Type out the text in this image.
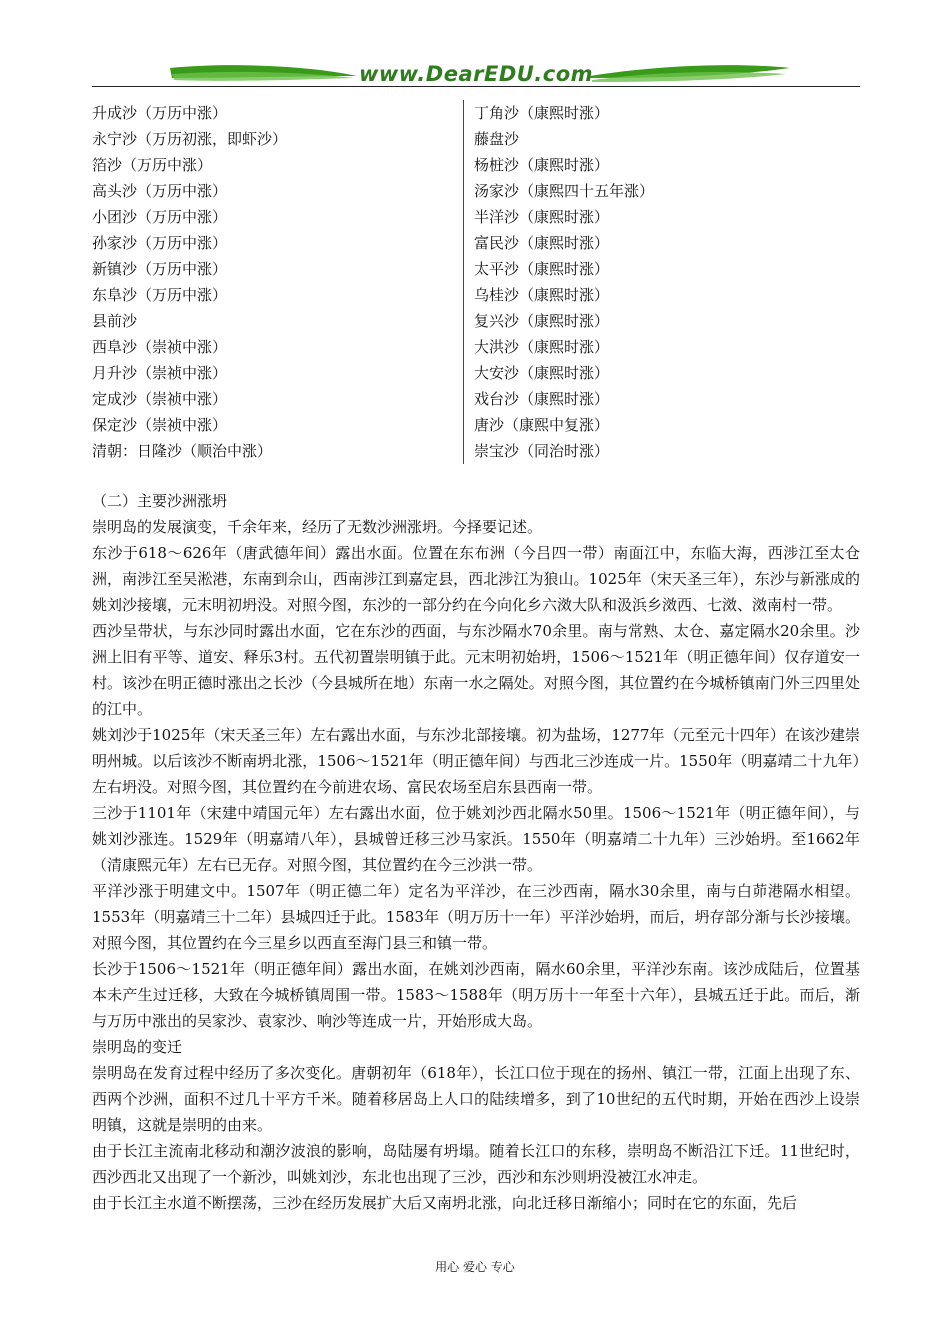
www.DearEDU.com
升成沙（万历中涨）
永宁沙（万历初涨，即虾沙）
箔沙（万历中涨）
高头沙（万历中涨）
小团沙（万历中涨）
孙家沙（万历中涨）
新镇沙（万历中涨）
东阜沙（万历中涨）
县前沙
西阜沙（崇祯中涨）
月升沙（崇祯中涨）
定成沙（崇祯中涨）
保定沙（崇祯中涨）
清朝：日隆沙（顺治中涨）
丁角沙（康熙时涨）
藤盘沙
杨桩沙（康熙时涨）
汤家沙（康熙四十五年涨）
半洋沙（康熙时涨）
富民沙（康熙时涨）
太平沙（康熙时涨）
乌桂沙（康熙时涨）
复兴沙（康熙时涨）
大洪沙（康熙时涨）
大安沙（康熙时涨）
戏台沙（康熙时涨）
唐沙（康熙中复涨）
崇宝沙（同治时涨）

（二）主要沙洲涨坍

崇明岛的发展演变，千余年来，经历了无数沙洲涨坍。今择要记述。

东沙于618～626年（唐武德年间）露出水面。位置在东布洲（今吕四一带）南面江中，东临大海，西涉江至太仓洲，南涉江至吴淞港，东南到佘山，西南涉江到嘉定县，西北涉江为狼山。1025年（宋天圣三年），东沙与新涨成的姚刘沙接壤，元末明初坍没。对照今图，东沙的一部分约在今向化乡六滧大队和汲浜乡滧西、七滧、滧南村一带。

西沙呈带状，与东沙同时露出水面，它在东沙的西面，与东沙隔水70余里。南与常熟、太仓、嘉定隔水20余里。沙洲上旧有平等、道安、释乐3村。五代初置崇明镇于此。元末明初始坍，1506～1521年（明正德年间）仅存道安一村。该沙在明正德时涨出之长沙（今县城所在地）东南一水之隔处。对照今图，其位置约在今城桥镇南门外三四里处的江中。

姚刘沙于1025年（宋天圣三年）左右露出水面，与东沙北部接壤。初为盐场，1277年（元至元十四年）在该沙建崇明州城。以后该沙不断南坍北涨，1506～1521年（明正德年间）与西北三沙连成一片。1550年（明嘉靖二十九年）左右坍没。对照今图，其位置约在今前进农场、富民农场至启东县西南一带。

三沙于1101年（宋建中靖国元年）左右露出水面，位于姚刘沙西北隔水50里。1506～1521年（明正德年间），与姚刘沙涨连。1529年（明嘉靖八年），县城曾迁移三沙马家浜。1550年（明嘉靖二十九年）三沙始坍。至1662年（清康熙元年）左右已无存。对照今图，其位置约在今三沙洪一带。

平洋沙涨于明建文中。1507年（明正德二年）定名为平洋沙，在三沙西南，隔水30余里，南与白茆港隔水相望。1553年（明嘉靖三十二年）县城四迁于此。1583年（明万历十一年）平洋沙始坍，而后，坍存部分渐与长沙接壤。对照今图，其位置约在今三星乡以西直至海门县三和镇一带。

长沙于1506～1521年（明正德年间）露出水面，在姚刘沙西南，隔水60余里，平洋沙东南。该沙成陆后，位置基本未产生过迁移，大致在今城桥镇周围一带。1583～1588年（明万历十一年至十六年），县城五迁于此。而后，渐与万历中涨出的吴家沙、袁家沙、响沙等连成一片，开始形成大岛。

崇明岛的变迁

崇明岛在发育过程中经历了多次变化。唐朝初年（618年），长江口位于现在的扬州、镇江一带，江面上出现了东、西两个沙洲，面积不过几十平方千米。随着移居岛上人口的陆续增多，到了10世纪的五代时期，开始在西沙上设崇明镇，这就是崇明的由来。

由于长江主流南北移动和潮汐波浪的影响，岛陆屡有坍塌。随着长江口的东移，崇明岛不断沿江下迁。11世纪时，西沙西北又出现了一个新沙，叫姚刘沙，东北也出现了三沙，西沙和东沙则坍没被江水冲走。

由于长江主水道不断摆荡，三沙在经历发展扩大后又南坍北涨，向北迁移日渐缩小；同时在它的东面，先后

用心 爱心 专心
